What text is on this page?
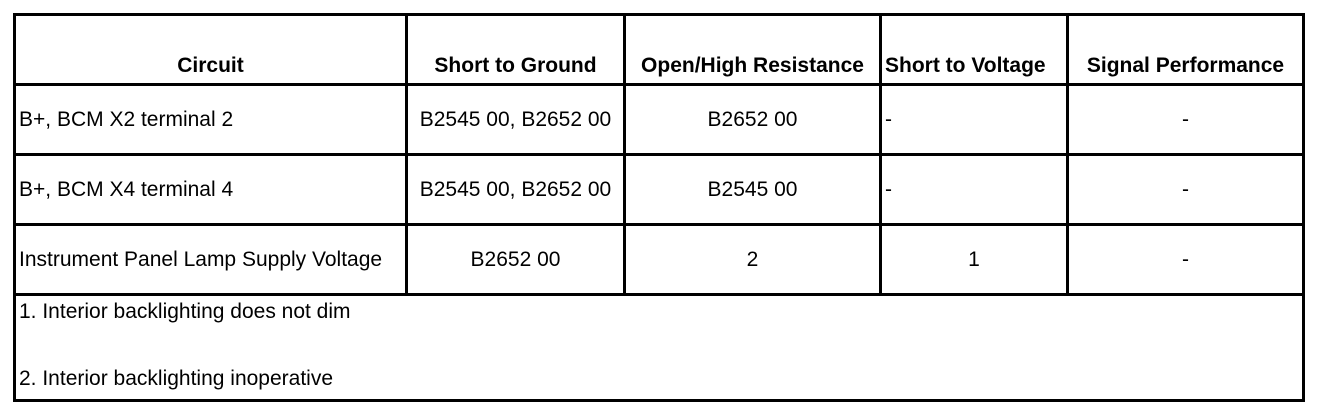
Circuit	Short to Ground	Open/High Resistance	Short to Voltage	Signal Performance
B+, BCM X2 terminal 2	B2545 00, B2652 00	B2652 00	-	-
B+, BCM X4 terminal 4	B2545 00, B2652 00	B2545 00	-	-
Instrument Panel Lamp Supply Voltage	B2652 00	2	1	-

1. Interior backlighting does not dim
2. Interior backlighting inoperative				
